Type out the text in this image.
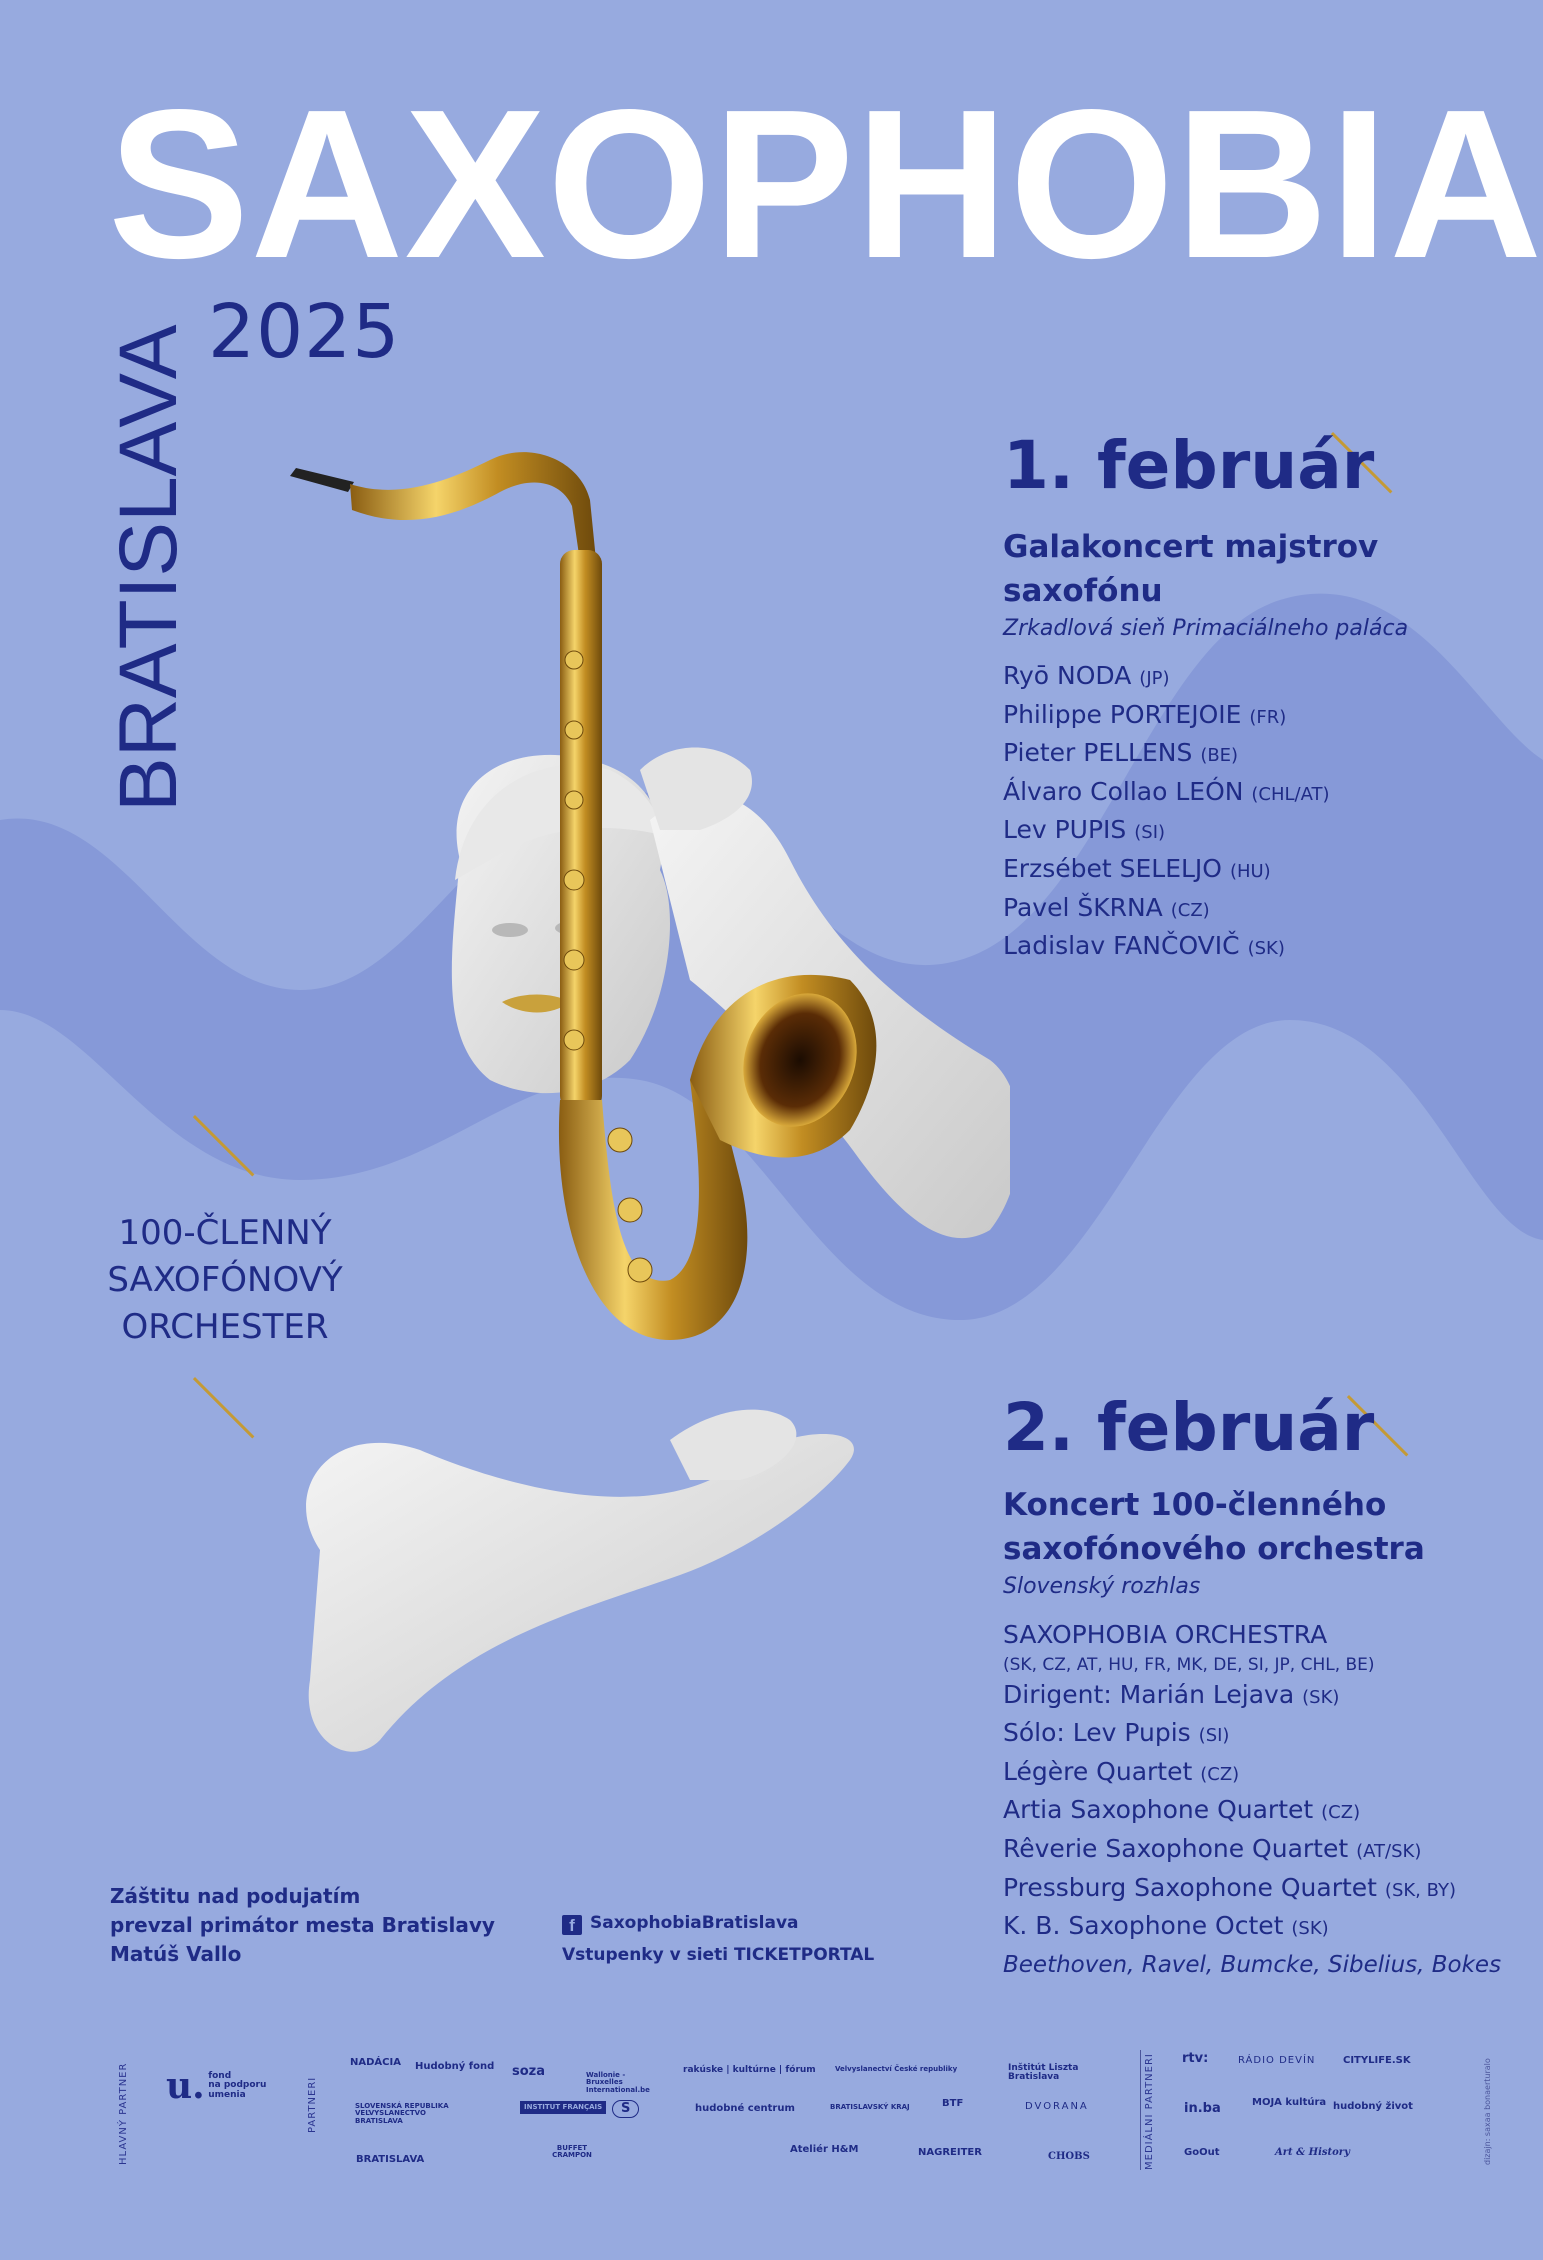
SAXOPHOBIA
2025
BRATISLAVA
100-ČLENNÝ
SAXOFÓNOVÝ
ORCHESTER
1. február
Galakoncert majstrov saxofónu
Zrkadlová sieň Primaciálneho paláca
Ryō NODA (JP)
Philippe PORTEJOIE (FR)
Pieter PELLENS (BE)
Álvaro Collao LEÓN (CHL/AT)
Lev PUPIS (SI)
Erzsébet SELELJO (HU)
Pavel ŠKRNA (CZ)
Ladislav FANČOVIČ (SK)
2. február
Koncert 100-členného saxofónového orchestra
Slovenský rozhlas
SAXOPHOBIA ORCHESTRA
(SK, CZ, AT, HU, FR, MK, DE, SI, JP, CHL, BE)
Dirigent: Marián Lejava (SK)
Sólo: Lev Pupis (SI)
Légère Quartet (CZ)
Artia Saxophone Quartet (CZ)
Rêverie Saxophone Quartet (AT/SK)
Pressburg Saxophone Quartet (SK, BY)
K. B. Saxophone Octet (SK)
Beethoven, Ravel, Bumcke, Sibelius, Bokes
Záštitu nad podujatím
prevzal primátor mesta Bratislavy
Matúš Vallo
f SaxophobiaBratislava
Vstupenky v sieti TICKETPORTAL
HLAVNÝ PARTNER	PARTNERI	MEDIÁLNI PARTNERI
u. fond
na podporu
umenia
NADÁCIA Hudobný fond soza	Wallonie - Bruxelles International.be
rakúske | kultúrne | fórum	Velvyslanectví České republiky	Inštitút Liszta Bratislava
SLOVENSKÁ REPUBLIKA VEĽVYSLANECTVO BRATISLAVA
INSTITUT FRANÇAIS	S	hudobné centrum	BRATISLAVSKÝ KRAJ	BTF	DVORANA
BRATISLAVA
BUFFET CRAMPON
Ateliér H&M	NAGREITER	CHOBS
rtv:	RÁDIO DEVÍN	CITYLIFE.SK
in.ba	MOJA kultúra hudobný život
GoOut	Art & History	dizajn: saxaa bonaerturalo
